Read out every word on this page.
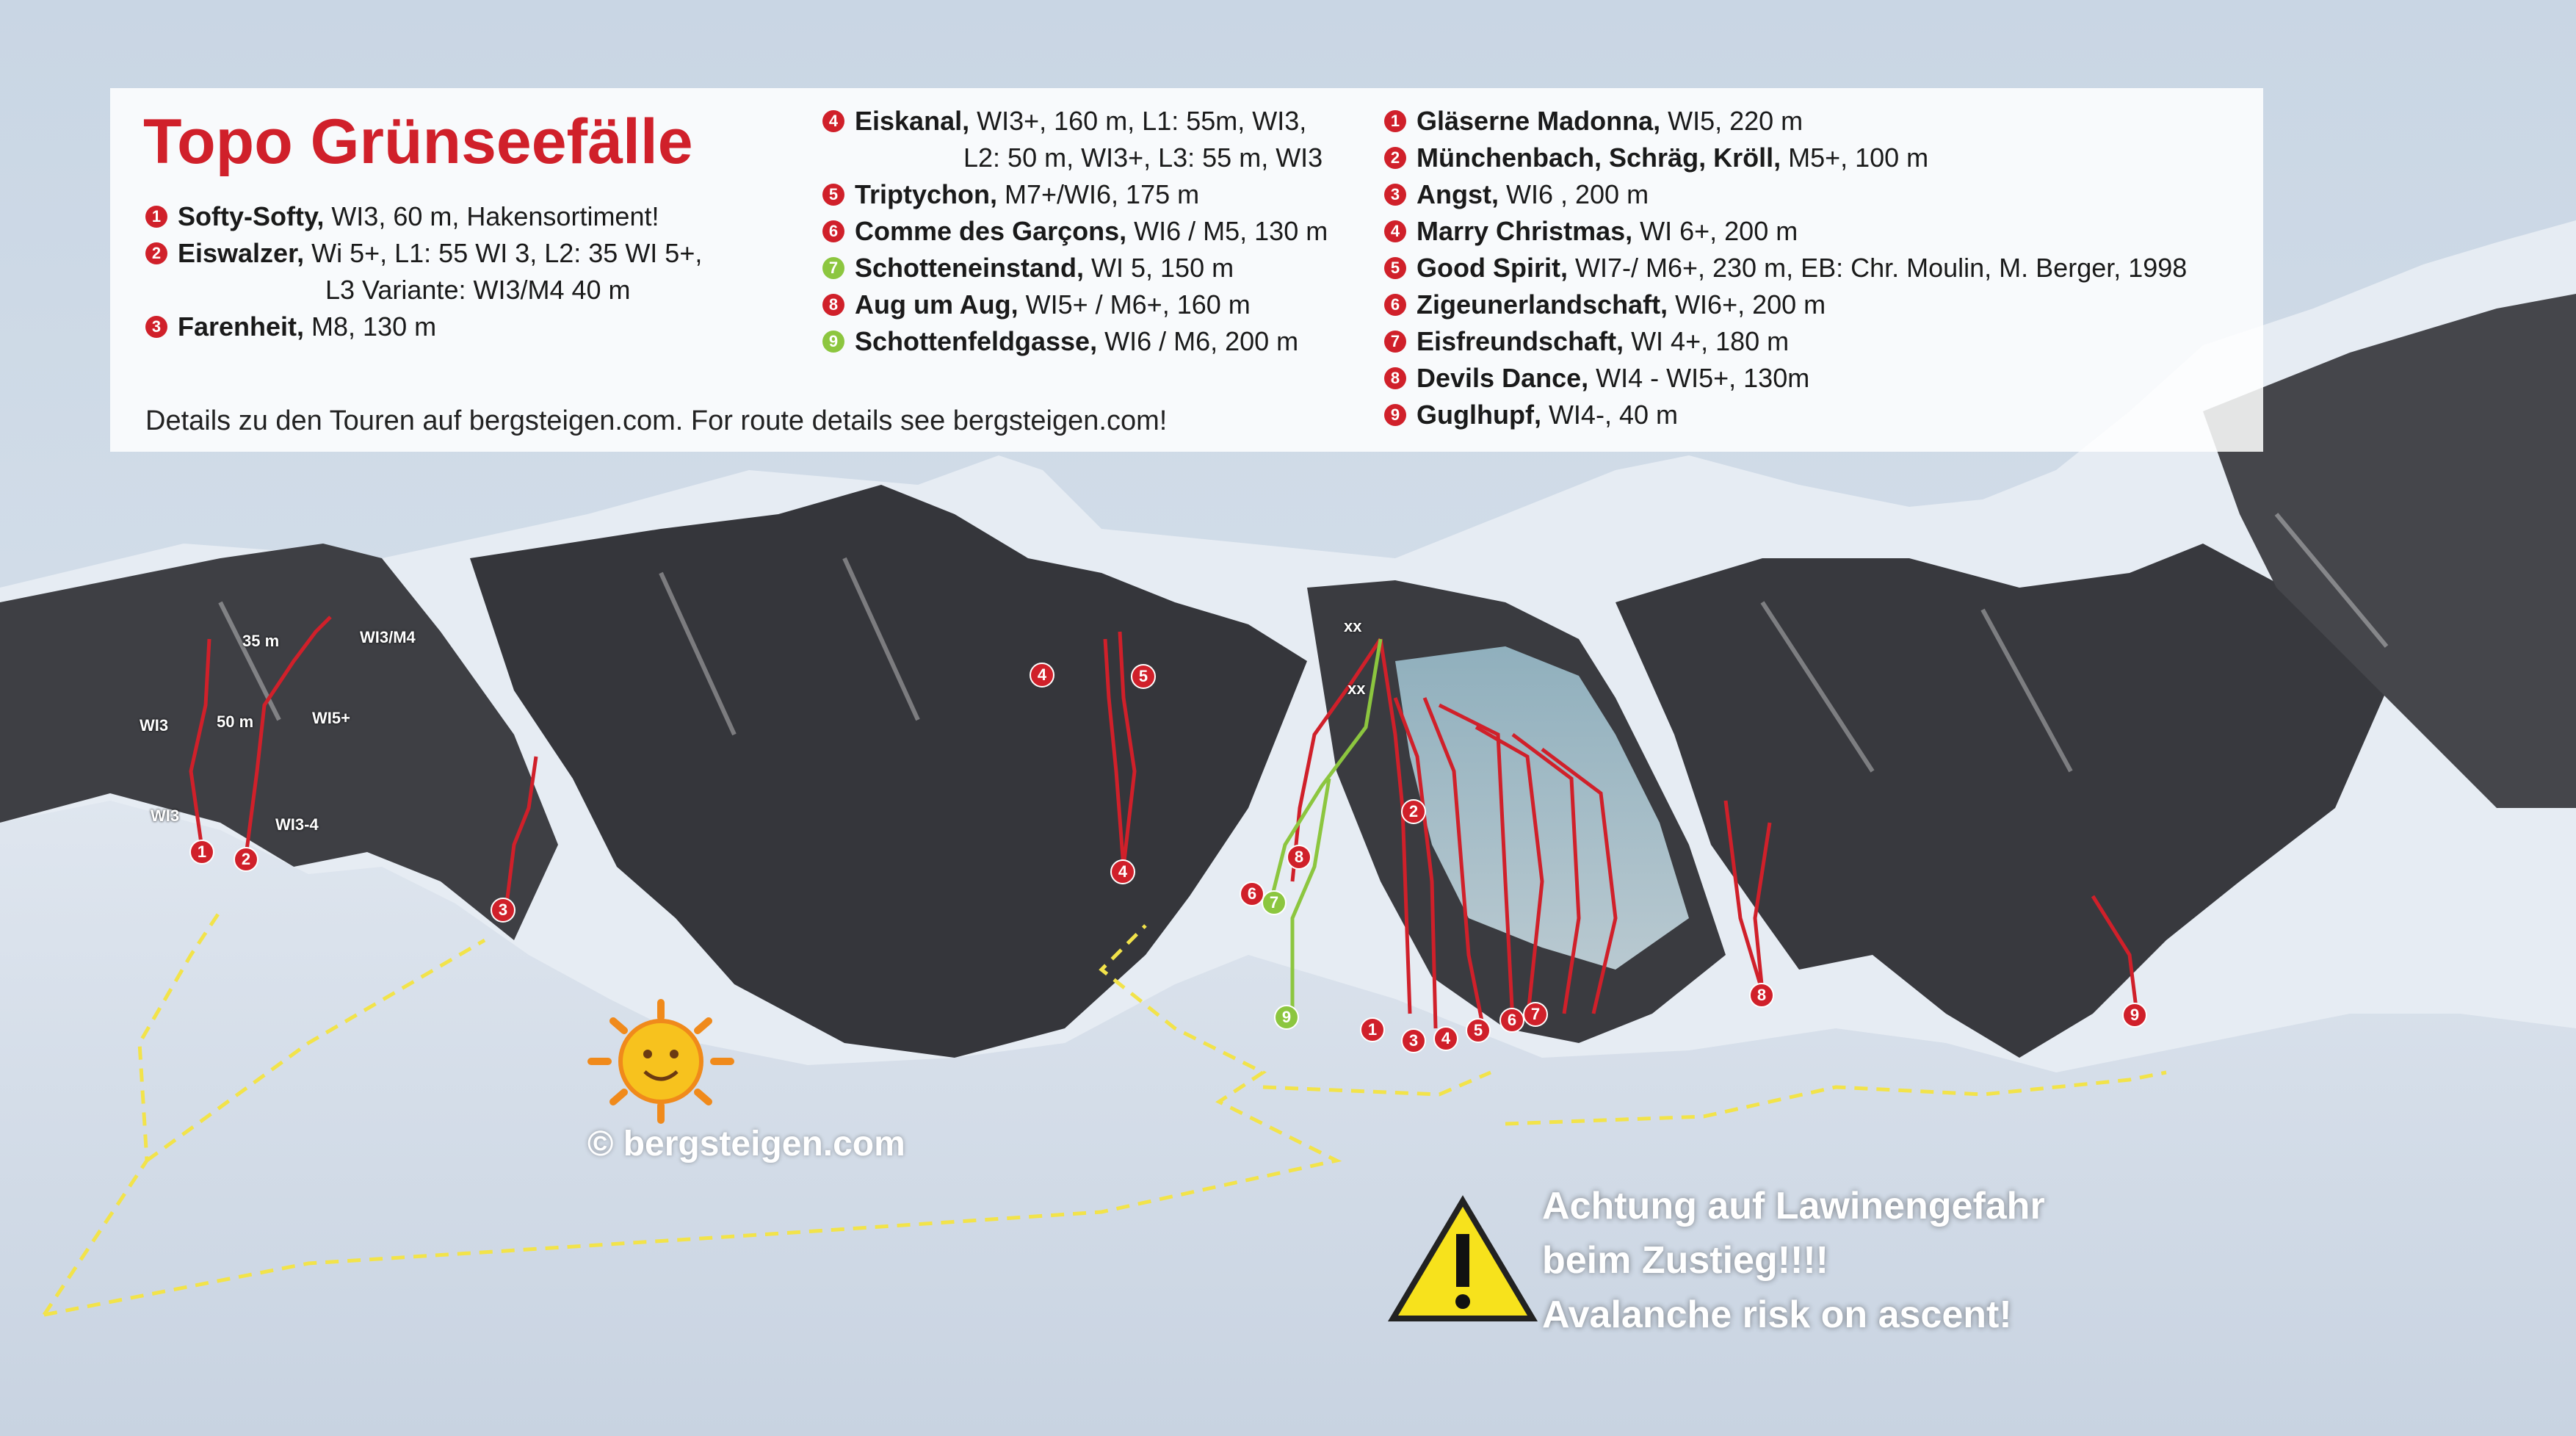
Topo Grünseefälle
1 Softy-Softy, WI3, 60 m, Hakensortiment!
2 Eiswalzer, Wi 5+, L1: 55 WI 3, L2: 35 WI 5+,
L3 Variante: WI3/M4 40 m
3 Farenheit, M8, 130 m
4 Eiskanal, WI3+, 160 m, L1: 55m, WI3,
L2: 50 m, WI3+, L3: 55 m, WI3
5 Triptychon, M7+/WI6, 175 m
6 Comme des Garçons, WI6 / M5, 130 m
7 Schotteneinstand, WI 5, 150 m
8 Aug um Aug, WI5+ / M6+, 160 m
9 Schottenfeldgasse, WI6 / M6, 200 m
1 Gläserne Madonna, WI5, 220 m
2 Münchenbach, Schräg, Kröll, M5+, 100 m
3 Angst, WI6 , 200 m
4 Marry Christmas, WI 6+, 200 m
5 Good Spirit, WI7-/ M6+, 230 m, EB: Chr. Moulin, M. Berger, 1998
6 Zigeunerlandschaft, WI6+, 200 m
7 Eisfreundschaft, WI 4+, 180 m
8 Devils Dance, WI4 - WI5+, 130m
9 Guglhupf, WI4-, 40 m
Details zu den Touren auf bergsteigen.com. For route details see bergsteigen.com!
WI3/M4
35 m
WI3	50 m	WI5+
WI3	WI3-4
xx
xx
1	2
3
4	5
4
6 7
8
9
1
2
3	4	5
6 7
8
9
© bergsteigen.com
Achtung auf Lawinengefahr
beim Zustieg!!!!
Avalanche risk on ascent!
